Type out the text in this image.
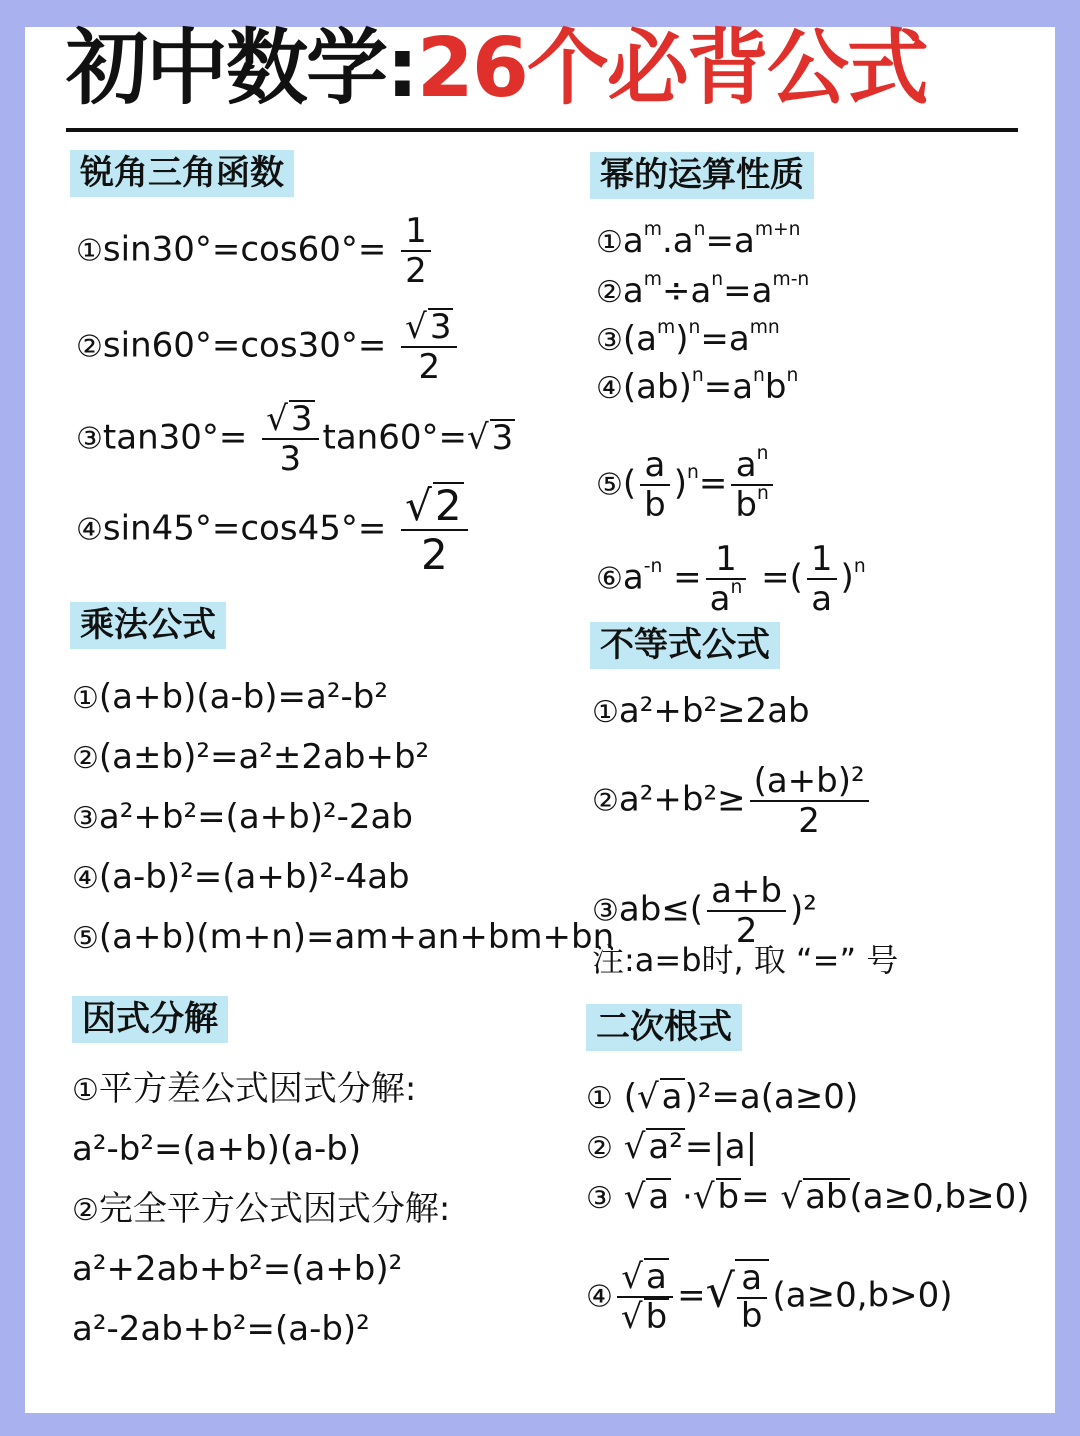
初中数学:26个必背公式
锐角三角函数
①sin30°=cos60°= $\frac{1}{2}$
②sin60°=cos30°= $\frac{√3}{2}$
③tan30°= $\frac{√3}{3} \tan 60^\circ=√3$
④sin45°=cos45°= $\frac{√2}{2}$
乘法公式
①(a+b)(a-b)=a²-b²
②(a±b)²=a²±2ab+b²
③a²+b²=(a+b)²-2ab
④(a-b)²=(a+b)²-4ab
⑤(a+b)(m+n)=am+an+bm+bn
因式分解
①平方差公式因式分解:
a²-b²=(a+b)(a-b)
②完全平方公式因式分解:
a²+2ab+b²=(a+b)²
a²-2ab+b²=(a-b)²
幂的运算性质
$①a^m.a^n=a^{m+n}$
$②a^m\div a^n=a^{m-n}$
$③(a^m)^n=a^{mn}$
$④(ab)^n=a^nb^n$
⑤( $\frac{a}{b} )^n= \frac{a^n}{b^n}$
$⑥a^{-n} = \frac{1}{a^n}$ =( $\frac{1}{a} )^n$
不等式公式
①a²+b²≥2ab
②a²+b²≥ $\frac{\text{(a+b)²}}{2}$
③ab≤( $\frac{a+b}{2} )^2$
注:a=b时, 取 “=” 号
二次根式
① (√a)²=a(a≥0)
② √a²=|a|
③ √a ·√b= √ab(a≥0,b≥0)
④ $\frac{√a}{√b}$ =√ $\frac{a}{b} (a\ge 0,b>0)$
